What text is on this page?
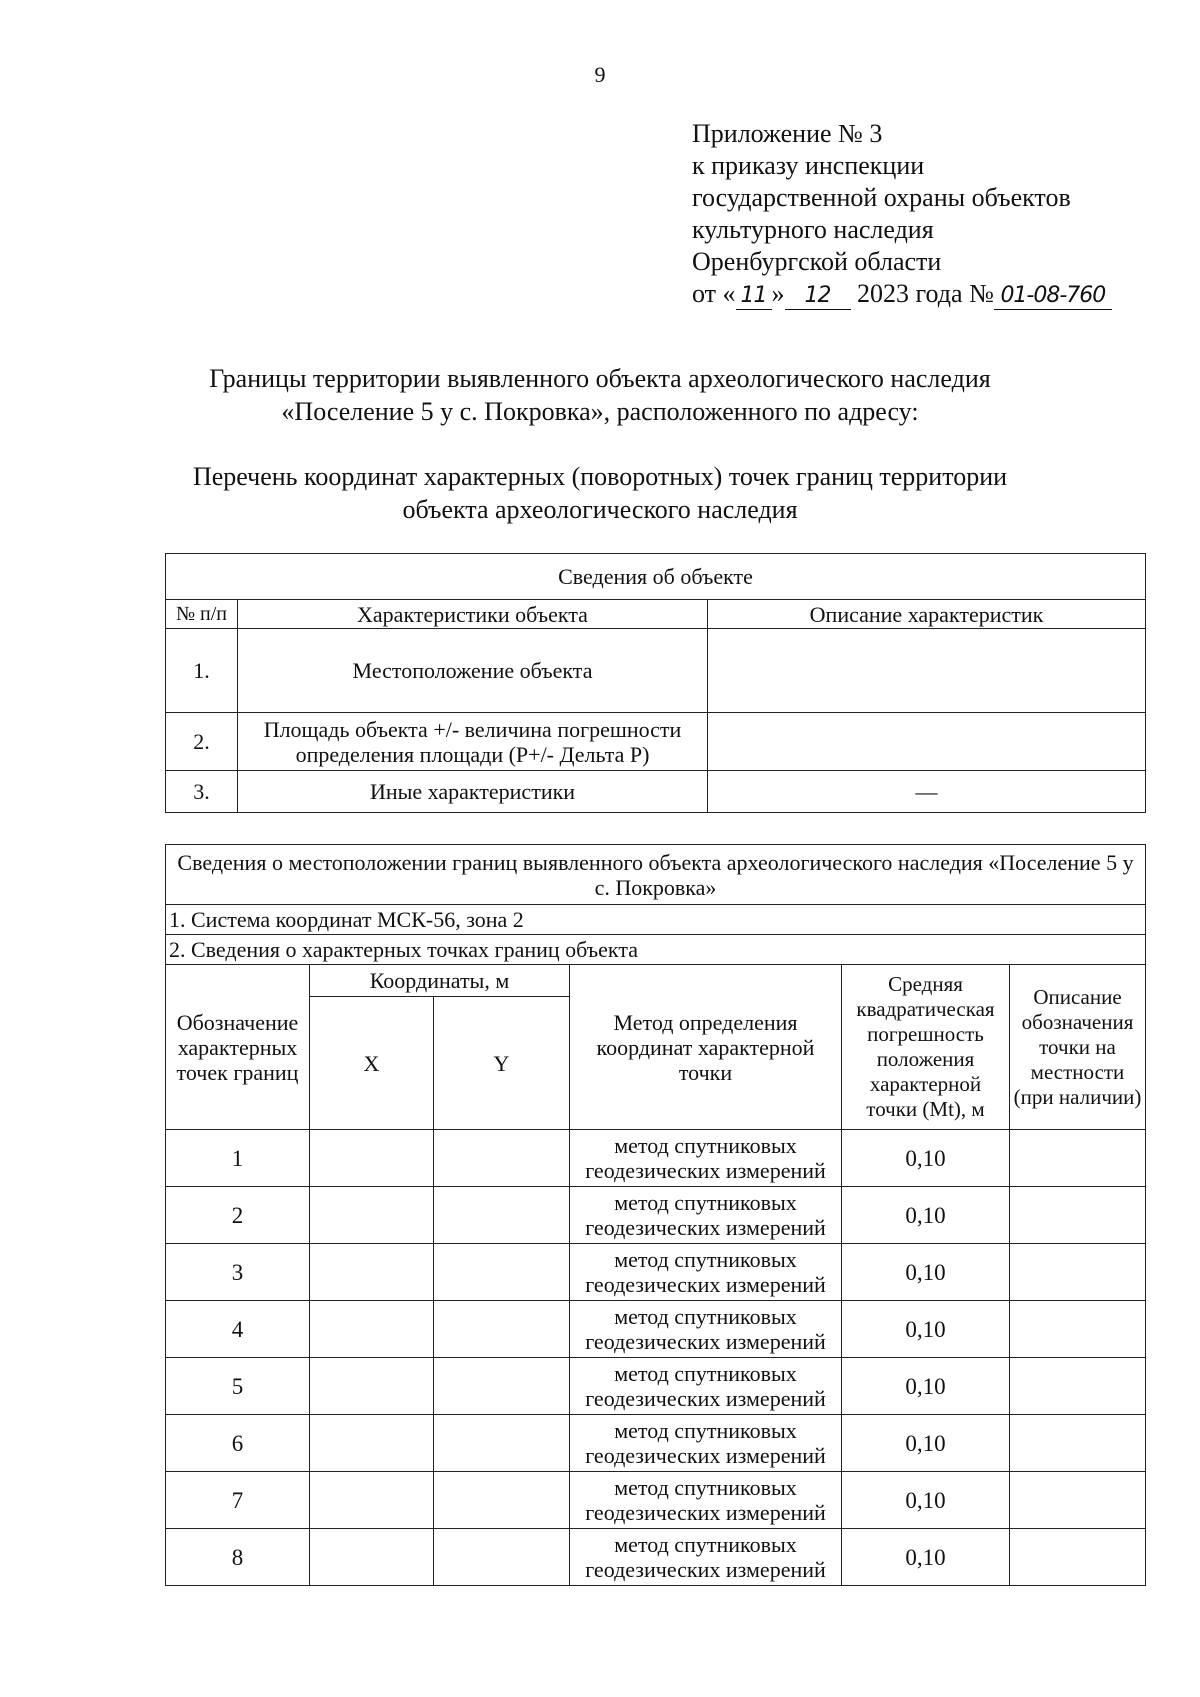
9
Приложение № 3
к приказу инспекции
государственной охраны объектов
культурного наследия
Оренбургской области
от « 11 » 12 2023 года № 01-08-760
Границы территории выявленного объекта археологического наследия
«Поселение 5 у с. Покровка», расположенного по адресу:
Перечень координат характерных (поворотных) точек границ территории
объекта археологического наследия
Сведения об объекте		
№ п/п	Характеристики объекта	Описание характеристик
1.	Местоположение объекта	
2.	Площадь объекта +/- величина погрешности определения площади (Р+/- Дельта Р)	
3.	Иные характеристики	—
Сведения о местоположении границ выявленного объекта археологического наследия «Поселение 5 у с. Покровка»					
1. Система координат МСК-56, зона 2					
2. Сведения о характерных точках границ объекта					
Обозначение характерных точек границ	Координаты, м		Метод определения координат характерной точки	Средняя квадратическая погрешность положения характерной точки (Mt), м	Описание обозначения точки на местности (при наличии)
	X	Y			
1			метод спутниковых геодезических измерений	0,10	
2			метод спутниковых геодезических измерений	0,10	
3			метод спутниковых геодезических измерений	0,10	
4			метод спутниковых геодезических измерений	0,10	
5			метод спутниковых геодезических измерений	0,10	
6			метод спутниковых геодезических измерений	0,10	
7			метод спутниковых геодезических измерений	0,10	
8			метод спутниковых геодезических измерений	0,10	
